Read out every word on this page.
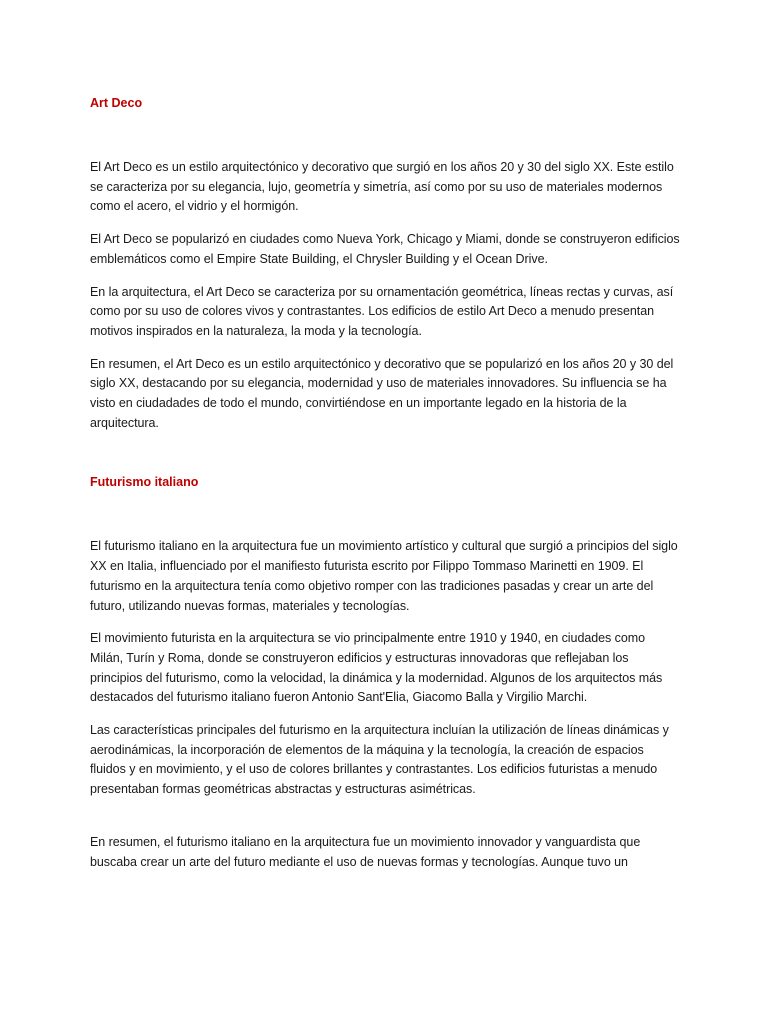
Art Deco

El Art Deco es un estilo arquitectónico y decorativo que surgió en los años 20 y 30 del siglo XX. Este estilo se caracteriza por su elegancia, lujo, geometría y simetría, así como por su uso de materiales modernos como el acero, el vidrio y el hormigón.

El Art Deco se popularizó en ciudades como Nueva York, Chicago y Miami, donde se construyeron edificios emblemáticos como el Empire State Building, el Chrysler Building y el Ocean Drive.

En la arquitectura, el Art Deco se caracteriza por su ornamentación geométrica, líneas rectas y curvas, así como por su uso de colores vivos y contrastantes. Los edificios de estilo Art Deco a menudo presentan motivos inspirados en la naturaleza, la moda y la tecnología.

En resumen, el Art Deco es un estilo arquitectónico y decorativo que se popularizó en los años 20 y 30 del siglo XX, destacando por su elegancia, modernidad y uso de materiales innovadores. Su influencia se ha visto en ciudadades de todo el mundo, convirtiéndose en un importante legado en la historia de la arquitectura.

Futurismo italiano

El futurismo italiano en la arquitectura fue un movimiento artístico y cultural que surgió a principios del siglo XX en Italia, influenciado por el manifiesto futurista escrito por Filippo Tommaso Marinetti en 1909. El futurismo en la arquitectura tenía como objetivo romper con las tradiciones pasadas y crear un arte del futuro, utilizando nuevas formas, materiales y tecnologías.

El movimiento futurista en la arquitectura se vio principalmente entre 1910 y 1940, en ciudades como Milán, Turín y Roma, donde se construyeron edificios y estructuras innovadoras que reflejaban los principios del futurismo, como la velocidad, la dinámica y la modernidad. Algunos de los arquitectos más destacados del futurismo italiano fueron Antonio Sant'Elia, Giacomo Balla y Virgilio Marchi.

Las características principales del futurismo en la arquitectura incluían la utilización de líneas dinámicas y aerodinámicas, la incorporación de elementos de la máquina y la tecnología, la creación de espacios fluidos y en movimiento, y el uso de colores brillantes y contrastantes. Los edificios futuristas a menudo presentaban formas geométricas abstractas y estructuras asimétricas.

En resumen, el futurismo italiano en la arquitectura fue un movimiento innovador y vanguardista que buscaba crear un arte del futuro mediante el uso de nuevas formas y tecnologías. Aunque tuvo un
